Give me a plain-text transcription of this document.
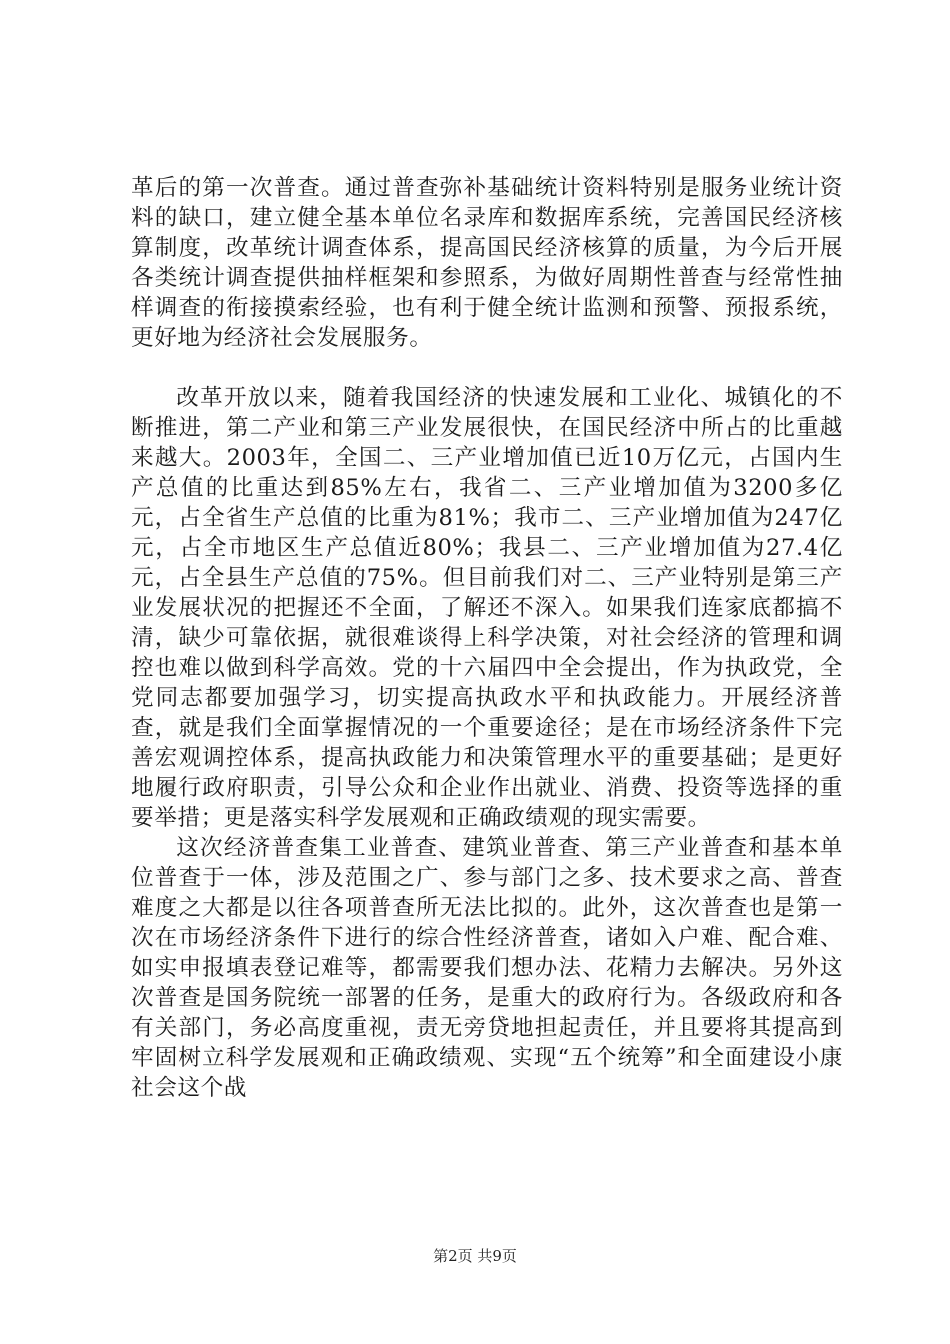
革后的第一次普查。通过普查弥补基础统计资料特别是服务业统计资料的缺口，建立健全基本单位名录库和数据库系统，完善国民经济核算制度，改革统计调查体系，提高国民经济核算的质量，为今后开展各类统计调查提供抽样框架和参照系，为做好周期性普查与经常性抽样调查的衔接摸索经验，也有利于健全统计监测和预警、预报系统，更好地为经济社会发展服务。

改革开放以来，随着我国经济的快速发展和工业化、城镇化的不断推进，第二产业和第三产业发展很快，在国民经济中所占的比重越来越大。2003年，全国二、三产业增加值已近10万亿元，占国内生产总值的比重达到85%左右，我省二、三产业增加值为3200多亿元，占全省生产总值的比重为81%；我市二、三产业增加值为247亿元，占全市地区生产总值近80%；我县二、三产业增加值为27.4亿元，占全县生产总值的75%。但目前我们对二、三产业特别是第三产业发展状况的把握还不全面，了解还不深入。如果我们连家底都搞不清，缺少可靠依据，就很难谈得上科学决策，对社会经济的管理和调控也难以做到科学高效。党的十六届四中全会提出，作为执政党，全党同志都要加强学习，切实提高执政水平和执政能力。开展经济普查，就是我们全面掌握情况的一个重要途径；是在市场经济条件下完善宏观调控体系，提高执政能力和决策管理水平的重要基础；是更好地履行政府职责，引导公众和企业作出就业、消费、投资等选择的重要举措；更是落实科学发展观和正确政绩观的现实需要。

这次经济普查集工业普查、建筑业普查、第三产业普查和基本单位普查于一体，涉及范围之广、参与部门之多、技术要求之高、普查难度之大都是以往各项普查所无法比拟的。此外，这次普查也是第一次在市场经济条件下进行的综合性经济普查，诸如入户难、配合难、如实申报填表登记难等，都需要我们想办法、花精力去解决。另外这次普查是国务院统一部署的任务，是重大的政府行为。各级政府和各有关部门，务必高度重视，责无旁贷地担起责任，并且要将其提高到牢固树立科学发展观和正确政绩观、实现“五个统筹”和全面建设小康社会这个战

第2页 共9页
